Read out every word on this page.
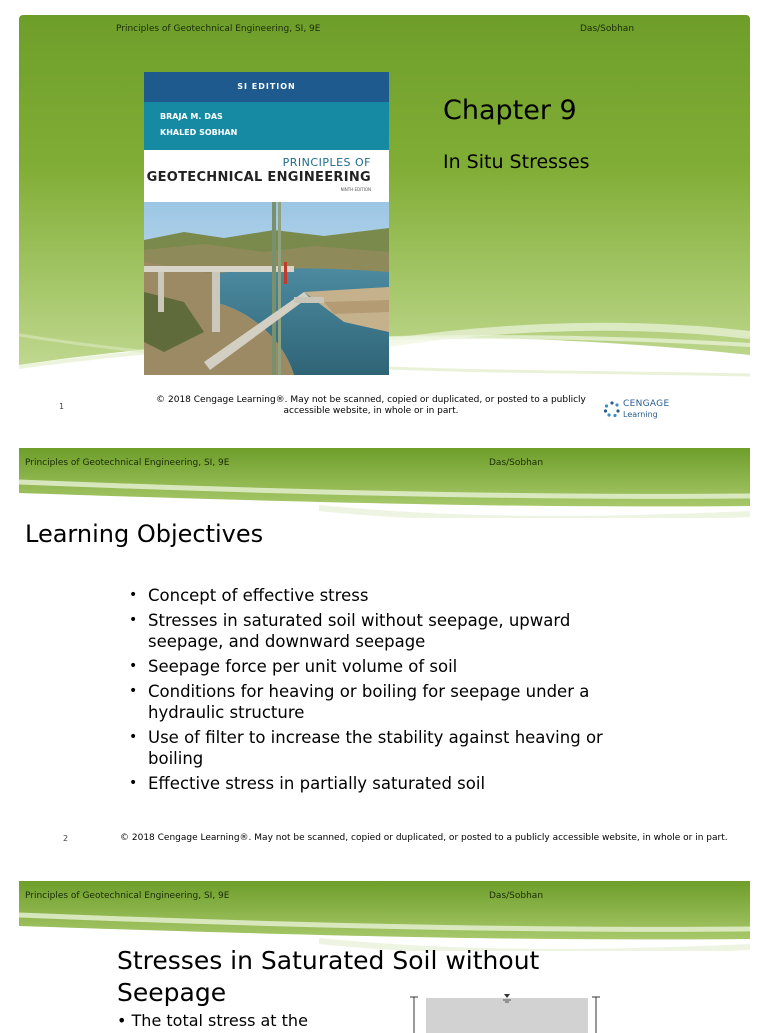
Principles of Geotechnical Engineering, SI, 9E	Das/Sobhan
SI EDITION
BRAJA M. DAS
KHALED SOBHAN
PRINCIPLES OF
GEOTECHNICAL ENGINEERING
NINTH EDITION
Chapter 9
In Situ Stresses
1
© 2018 Cengage Learning®. May not be scanned, copied or duplicated, or posted to a publicly accessible website, in whole or in part.
CENGAGE
Learning
Principles of Geotechnical Engineering, SI, 9E	Das/Sobhan
Learning Objectives
• Concept of effective stress
• Stresses in saturated soil without seepage, upward seepage, and downward seepage
• Seepage force per unit volume of soil
• Conditions for heaving or boiling for seepage under a hydraulic structure
• Use of filter to increase the stability against heaving or boiling
• Effective stress in partially saturated soil
2	© 2018 Cengage Learning®. May not be scanned, copied or duplicated, or posted to a publicly accessible website, in whole or in part.
Principles of Geotechnical Engineering, SI, 9E	Das/Sobhan
Stresses in Saturated Soil without Seepage
• The total stress at the
